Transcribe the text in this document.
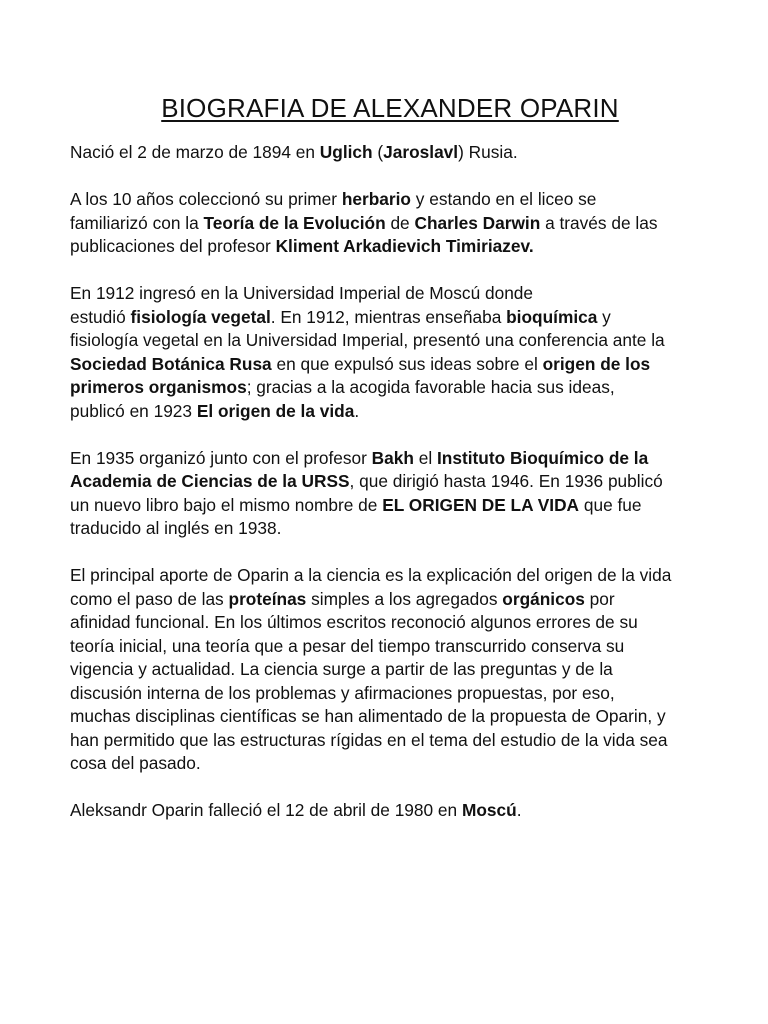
BIOGRAFIA DE ALEXANDER OPARIN

Nació el 2 de marzo de 1894 en Uglich (Jaroslavl) Rusia.

A los 10 años coleccionó su primer herbario y estando en el liceo se
familiarizó con la Teoría de la Evolución de Charles Darwin a través de las
publicaciones del profesor Kliment Arkadievich Timiriazev.

En 1912 ingresó en la Universidad Imperial de Moscú donde
estudió fisiología vegetal. En 1912, mientras enseñaba bioquímica y
fisiología vegetal en la Universidad Imperial, presentó una conferencia ante la
Sociedad Botánica Rusa en que expulsó sus ideas sobre el origen de los
primeros organismos; gracias a la acogida favorable hacia sus ideas,
publicó en 1923 El origen de la vida.

En 1935 organizó junto con el profesor Bakh el Instituto Bioquímico de la
Academia de Ciencias de la URSS, que dirigió hasta 1946. En 1936 publicó
un nuevo libro bajo el mismo nombre de EL ORIGEN DE LA VIDA que fue
traducido al inglés en 1938.

El principal aporte de Oparin a la ciencia es la explicación del origen de la vida
como el paso de las proteínas simples a los agregados orgánicos por
afinidad funcional. En los últimos escritos reconoció algunos errores de su
teoría inicial, una teoría que a pesar del tiempo transcurrido conserva su
vigencia y actualidad. La ciencia surge a partir de las preguntas y de la
discusión interna de los problemas y afirmaciones propuestas, por eso,
muchas disciplinas científicas se han alimentado de la propuesta de Oparin, y
han permitido que las estructuras rígidas en el tema del estudio de la vida sea
cosa del pasado.

Aleksandr Oparin falleció el 12 de abril de 1980 en Moscú.
